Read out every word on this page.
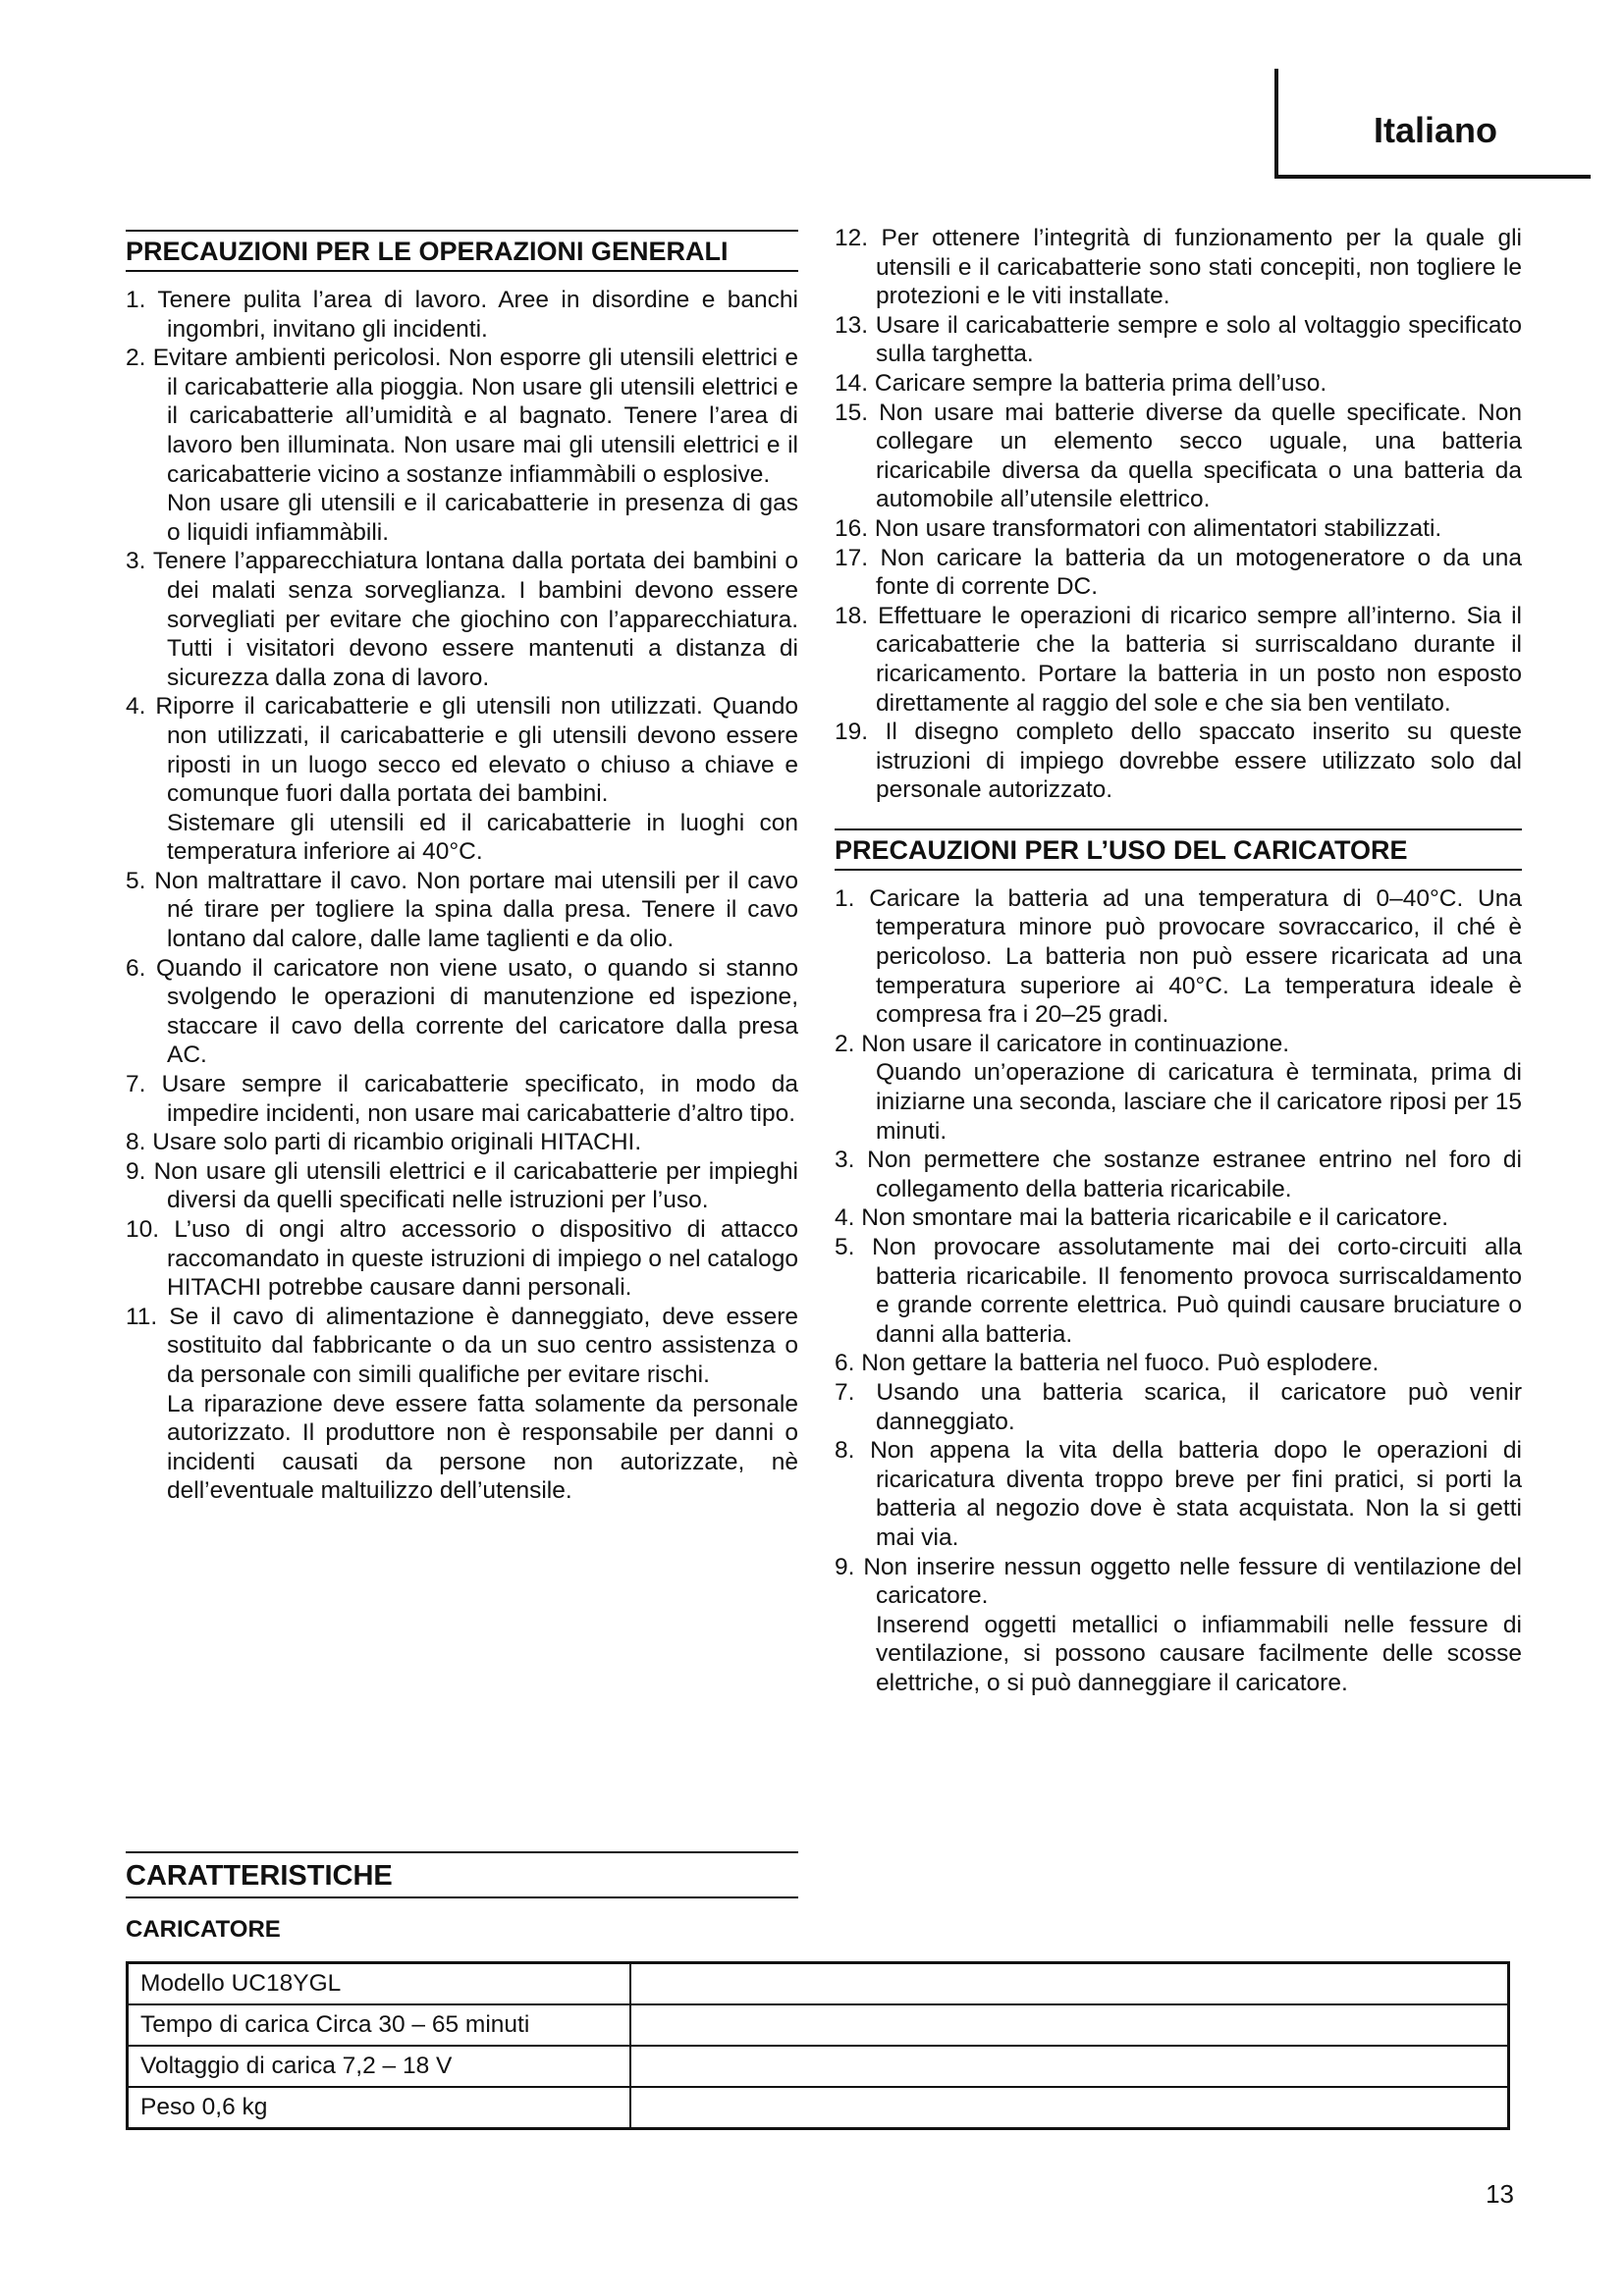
Italiano
PRECAUZIONI PER LE OPERAZIONI GENERALI
1. Tenere pulita l’area di lavoro. Aree in disordine e banchi ingombri, invitano gli incidenti.
2. Evitare ambienti pericolosi. Non esporre gli utensili elettrici e il caricabatterie alla pioggia. Non usare gli utensili elettrici e il caricabatterie all’umidità e al bagnato. Tenere l’area di lavoro ben illuminata. Non usare mai gli utensili elettrici e il caricabatterie vicino a sostanze infiammàbili o esplosive.
Non usare gli utensili e il caricabatterie in presenza di gas o liquidi infiammàbili.
3. Tenere l’apparecchiatura lontana dalla portata dei bambini o dei malati senza sorveglianza. I bambini devono essere sorvegliati per evitare che giochino con l’apparecchiatura. Tutti i visitatori devono essere mantenuti a distanza di sicurezza dalla zona di lavoro.
4. Riporre il caricabatterie e gli utensili non utilizzati. Quando non utilizzati, il caricabatterie e gli utensili devono essere riposti in un luogo secco ed elevato o chiuso a chiave e comunque fuori dalla portata dei bambini.
Sistemare gli utensili ed il caricabatterie in luoghi con temperatura inferiore ai 40°C.
5. Non maltrattare il cavo. Non portare mai utensili per il cavo né tirare per togliere la spina dalla presa. Tenere il cavo lontano dal calore, dalle lame taglienti e da olio.
6. Quando il caricatore non viene usato, o quando si stanno svolgendo le operazioni di manutenzione ed ispezione, staccare il cavo della corrente del caricatore dalla presa AC.
7. Usare sempre il caricabatterie specificato, in modo da impedire incidenti, non usare mai caricabatterie d’altro tipo.
8. Usare solo parti di ricambio originali HITACHI.
9. Non usare gli utensili elettrici e il caricabatterie per impieghi diversi da quelli specificati nelle istruzioni per l’uso.
10. L’uso di ongi altro accessorio o dispositivo di attacco raccomandato in queste istruzioni di impiego o nel catalogo HITACHI potrebbe causare danni personali.
11. Se il cavo di alimentazione è danneggiato, deve essere sostituito dal fabbricante o da un suo centro assistenza o da personale con simili qualifiche per evitare rischi.
La riparazione deve essere fatta solamente da personale autorizzato. Il produttore non è responsabile per danni o incidenti causati da persone non autorizzate, nè dell’eventuale maltuilizzo dell’utensile.
12. Per ottenere l’integrità di funzionamento per la quale gli utensili e il caricabatterie sono stati concepiti, non togliere le protezioni e le viti installate.
13. Usare il caricabatterie sempre e solo al voltaggio specificato sulla targhetta.
14. Caricare sempre la batteria prima dell’uso.
15. Non usare mai batterie diverse da quelle specificate. Non collegare un elemento secco uguale, una batteria ricaricabile diversa da quella specificata o una batteria da automobile all’utensile elettrico.
16. Non usare transformatori con alimentatori stabilizzati.
17. Non caricare la batteria da un motogeneratore o da una fonte di corrente DC.
18. Effettuare le operazioni di ricarico sempre all’interno. Sia il caricabatterie che la batteria si surriscaldano durante il ricaricamento. Portare la batteria in un posto non esposto direttamente al raggio del sole e che sia ben ventilato.
19. Il disegno completo dello spaccato inserito su queste istruzioni di impiego dovrebbe essere utilizzato solo dal personale autorizzato.
PRECAUZIONI PER L’USO DEL CARICATORE
1. Caricare la batteria ad una temperatura di 0–40°C. Una temperatura minore può provocare sovraccarico, il ché è pericoloso. La batteria non può essere ricaricata ad una temperatura superiore ai 40°C. La temperatura ideale è compresa fra i 20–25 gradi.
2. Non usare il caricatore in continuazione.
Quando un’operazione di caricatura è terminata, prima di iniziarne una seconda, lasciare che il caricatore riposi per 15 minuti.
3. Non permettere che sostanze estranee entrino nel foro di collegamento della batteria ricaricabile.
4. Non smontare mai la batteria ricaricabile e il caricatore.
5. Non provocare assolutamente mai dei corto-circuiti alla batteria ricaricabile. Il fenomento provoca surriscaldamento e grande corrente elettrica. Può quindi causare bruciature o danni alla batteria.
6. Non gettare la batteria nel fuoco. Può esplodere.
7. Usando una batteria scarica, il caricatore può venir danneggiato.
8. Non appena la vita della batteria dopo le operazioni di ricaricatura diventa troppo breve per fini pratici, si porti la batteria al negozio dove è stata acquistata. Non la si getti mai via.
9. Non inserire nessun oggetto nelle fessure di ventilazione del caricatore.
Inserend oggetti metallici o infiammabili nelle fessure di ventilazione, si possono causare facilmente delle scosse elettriche, o si può danneggiare il caricatore.
CARATTERISTICHE
CARICATORE
Modello UC18YGL	
Tempo di carica Circa 30 – 65 minuti	
Voltaggio di carica 7,2 – 18 V	
Peso 0,6 kg	
13
